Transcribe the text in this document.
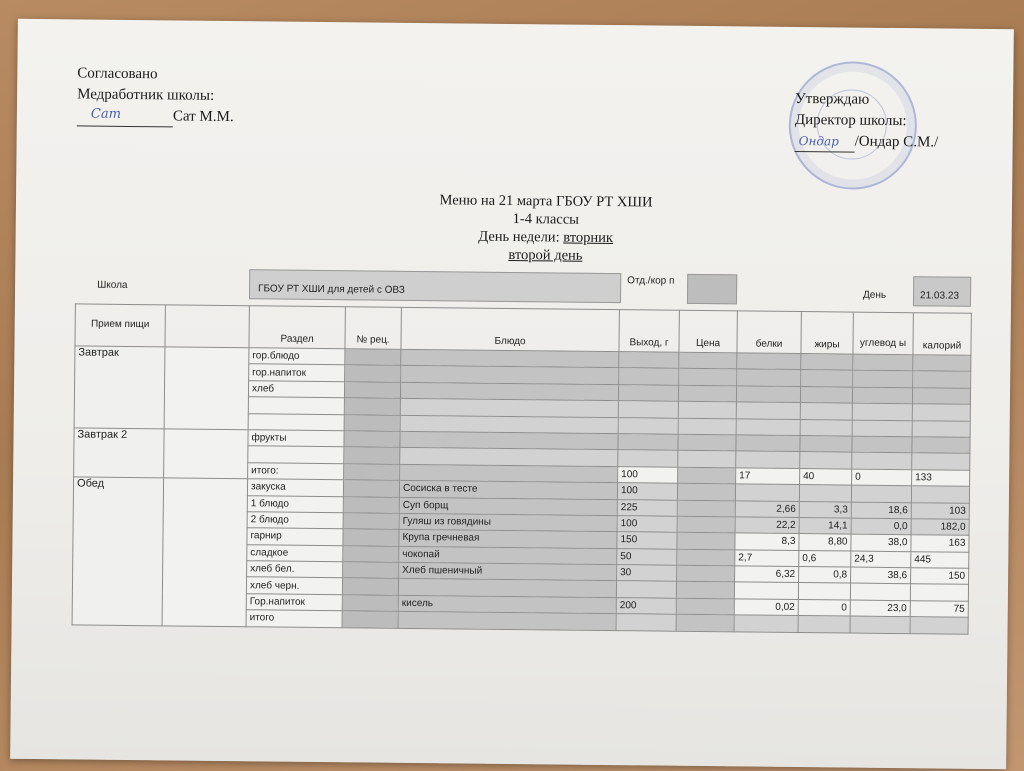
Согласовано
Медработник школы:
Сат	Сат М.М.
Утверждаю
Директор школы:
Ондар /Ондар С.М./
Меню на 21 марта ГБОУ РТ ХШИ
1-4 классы
День недели: вторник
второй день
Школа	ГБОУ РТ ХШИ для детей с ОВЗ
Отд./кор п
День	21.03.23
Прием пищи		Раздел	№ рец.	Блюдо	Выход, г	Цена	белки	жиры	углевод ы	калорий
Завтрак		гор.блюдо								
		гор.напиток								
		хлеб								

Завтрак 2		фрукты								

		итого:			100		17	40	0	133
Обед		закуска		Сосиска в тесте	100					
		1 блюдо		Суп борщ	225		2,66	3,3	18,6	103
		2 блюдо		Гуляш из говядины	100		22,2	14,1	0,0	182,0
		гарнир		Крупа гречневая	150		8,3	8,80	38,0	163
		сладкое		чокопай	50		2,7	0,6	24,3	445
		хлеб бел.		Хлеб пшеничный	30		6,32	0,8	38,6	150
		хлеб черн.								
		Гор.напиток		кисель	200		0,02	0	23,0	75
		итого								
